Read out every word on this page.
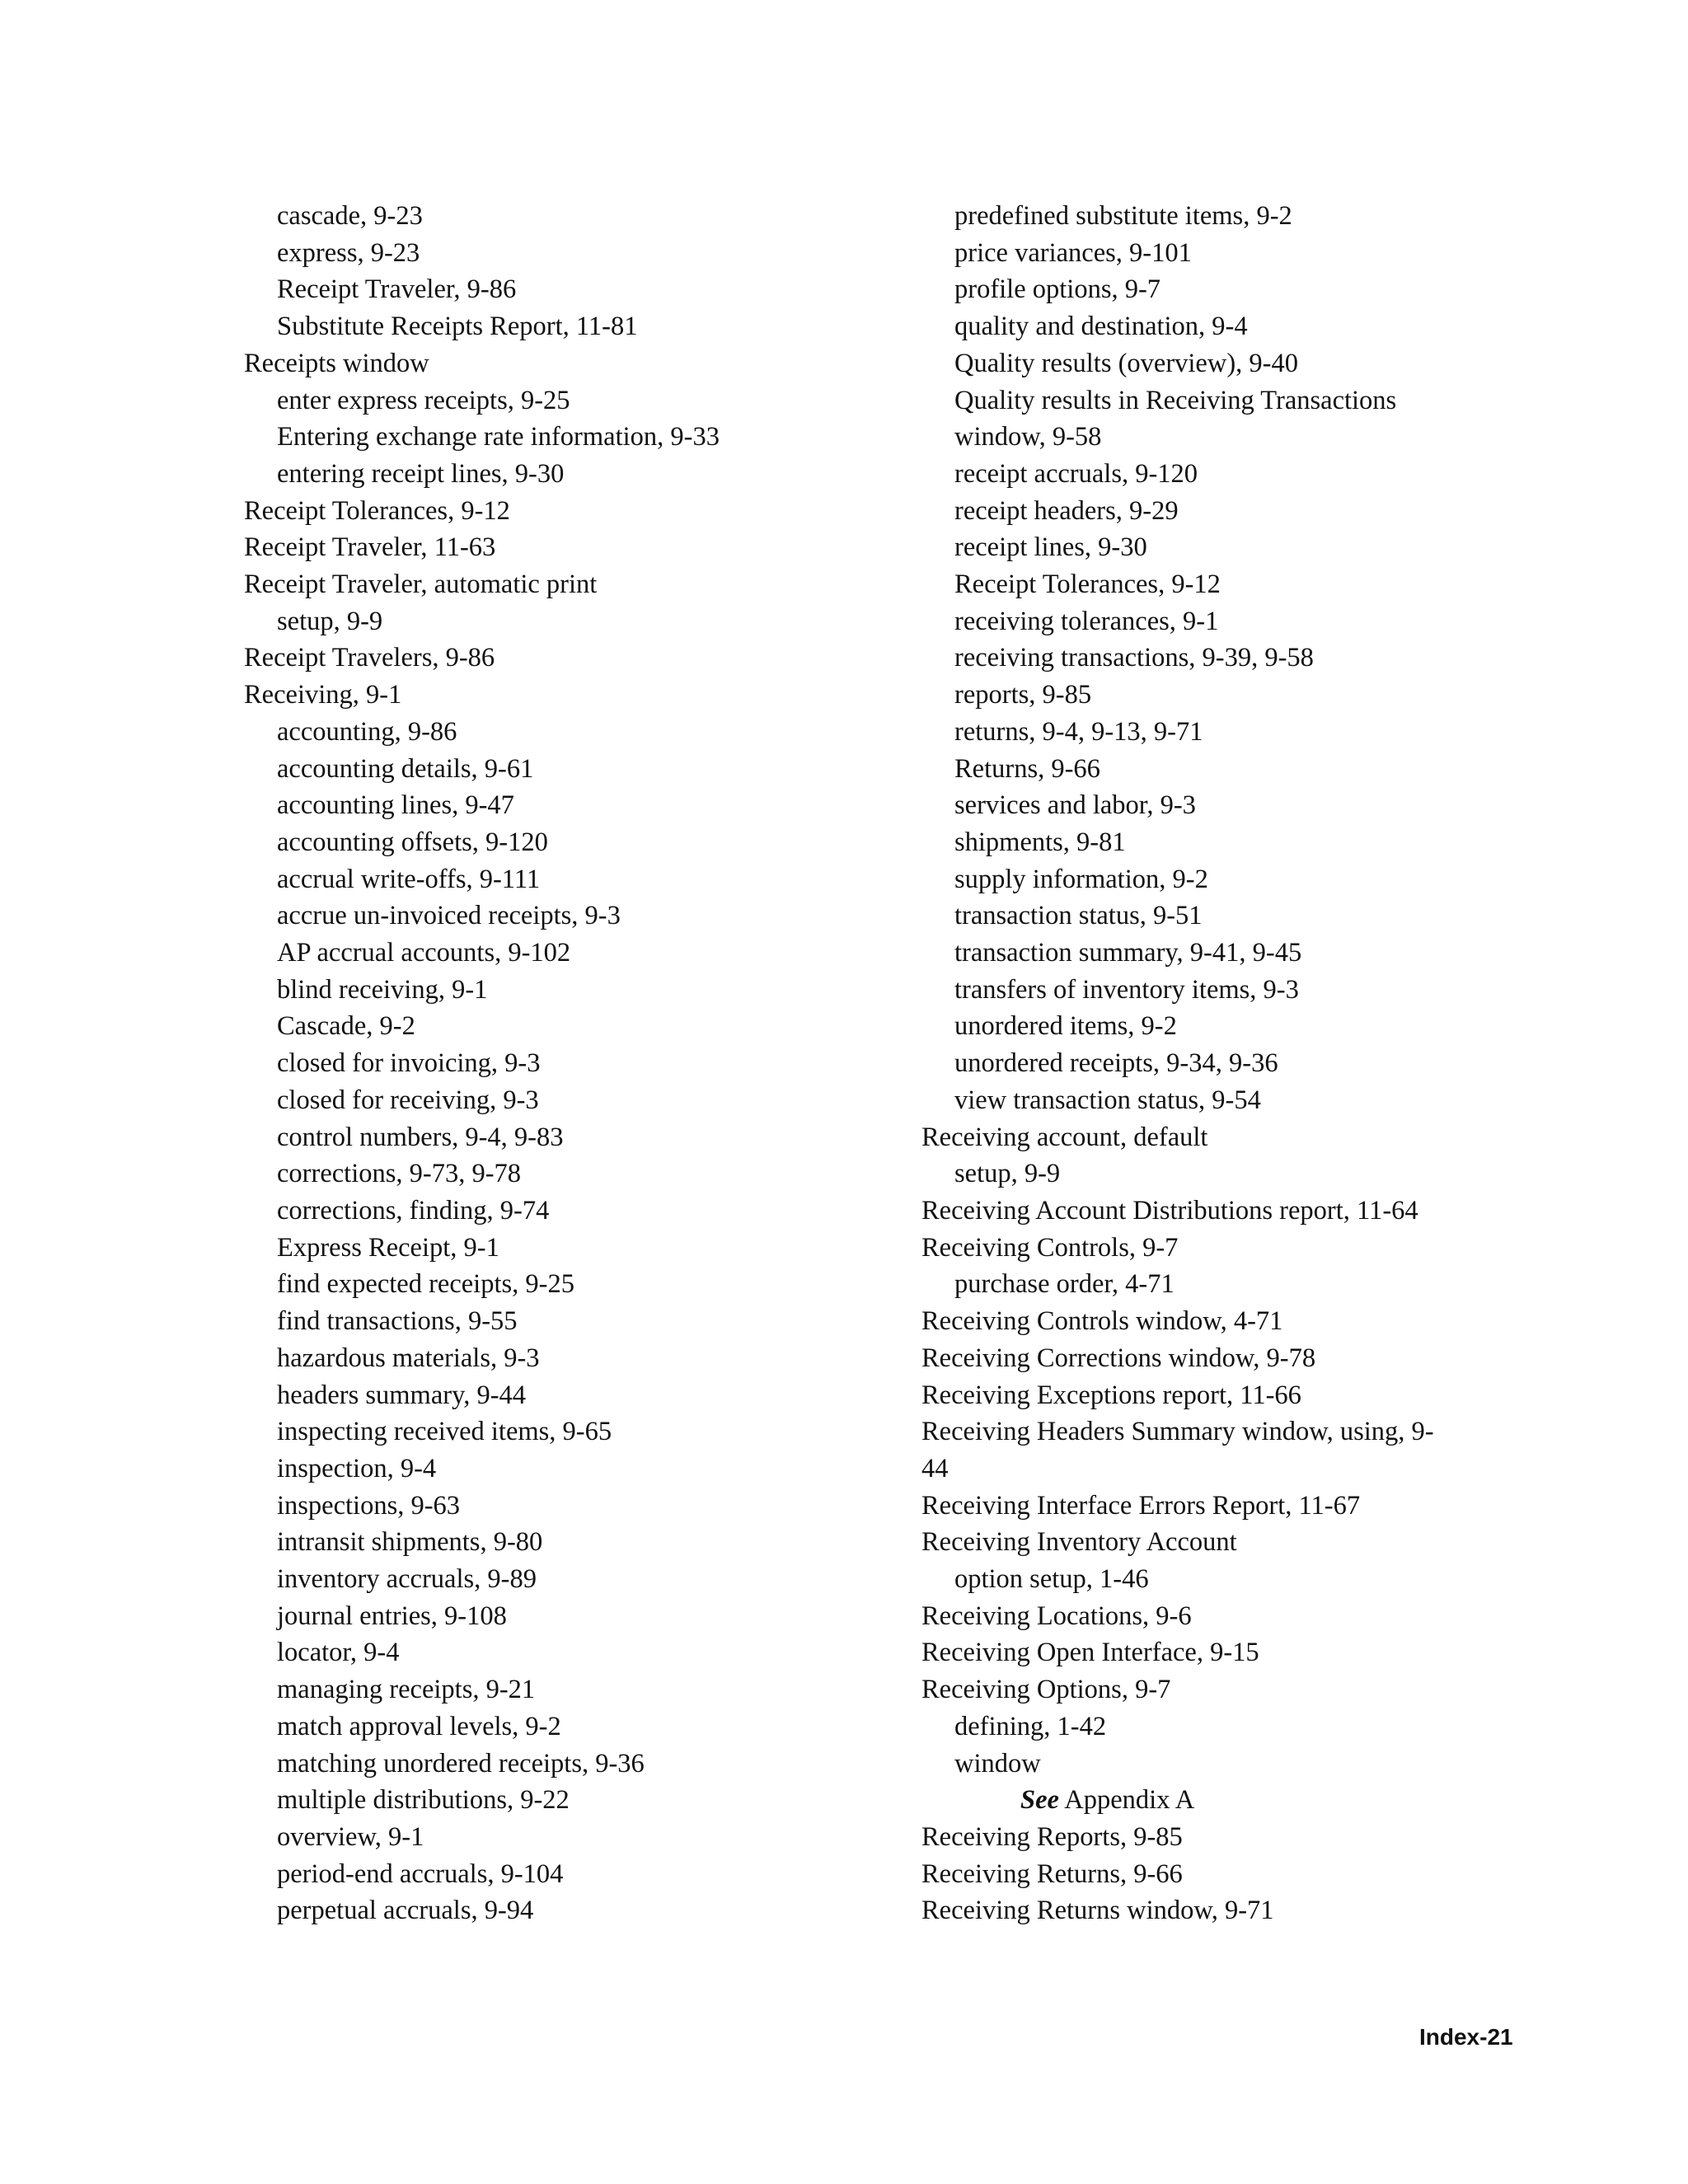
cascade, 9-23
express, 9-23
Receipt Traveler, 9-86
Substitute Receipts Report, 11-81
Receipts window
enter express receipts, 9-25
Entering exchange rate information, 9-33
entering receipt lines, 9-30
Receipt Tolerances, 9-12
Receipt Traveler, 11-63
Receipt Traveler, automatic print
setup, 9-9
Receipt Travelers, 9-86
Receiving, 9-1
accounting, 9-86
accounting details, 9-61
accounting lines, 9-47
accounting offsets, 9-120
accrual write-offs, 9-111
accrue un-invoiced receipts, 9-3
AP accrual accounts, 9-102
blind receiving, 9-1
Cascade, 9-2
closed for invoicing, 9-3
closed for receiving, 9-3
control numbers, 9-4, 9-83
corrections, 9-73, 9-78
corrections, finding, 9-74
Express Receipt, 9-1
find expected receipts, 9-25
find transactions, 9-55
hazardous materials, 9-3
headers summary, 9-44
inspecting received items, 9-65
inspection, 9-4
inspections, 9-63
intransit shipments, 9-80
inventory accruals, 9-89
journal entries, 9-108
locator, 9-4
managing receipts, 9-21
match approval levels, 9-2
matching unordered receipts, 9-36
multiple distributions, 9-22
overview, 9-1
period-end accruals, 9-104
perpetual accruals, 9-94
predefined substitute items, 9-2
price variances, 9-101
profile options, 9-7
quality and destination, 9-4
Quality results (overview), 9-40
Quality results in Receiving Transactions
window, 9-58
receipt accruals, 9-120
receipt headers, 9-29
receipt lines, 9-30
Receipt Tolerances, 9-12
receiving tolerances, 9-1
receiving transactions, 9-39, 9-58
reports, 9-85
returns, 9-4, 9-13, 9-71
Returns, 9-66
services and labor, 9-3
shipments, 9-81
supply information, 9-2
transaction status, 9-51
transaction summary, 9-41, 9-45
transfers of inventory items, 9-3
unordered items, 9-2
unordered receipts, 9-34, 9-36
view transaction status, 9-54
Receiving account, default
setup, 9-9
Receiving Account Distributions report, 11-64
Receiving Controls, 9-7
purchase order, 4-71
Receiving Controls window, 4-71
Receiving Corrections window, 9-78
Receiving Exceptions report, 11-66
Receiving Headers Summary window, using, 9-
44
Receiving Interface Errors Report, 11-67
Receiving Inventory Account
option setup, 1-46
Receiving Locations, 9-6
Receiving Open Interface, 9-15
Receiving Options, 9-7
defining, 1-42
window
See Appendix A
Receiving Reports, 9-85
Receiving Returns, 9-66
Receiving Returns window, 9-71
Index-21
